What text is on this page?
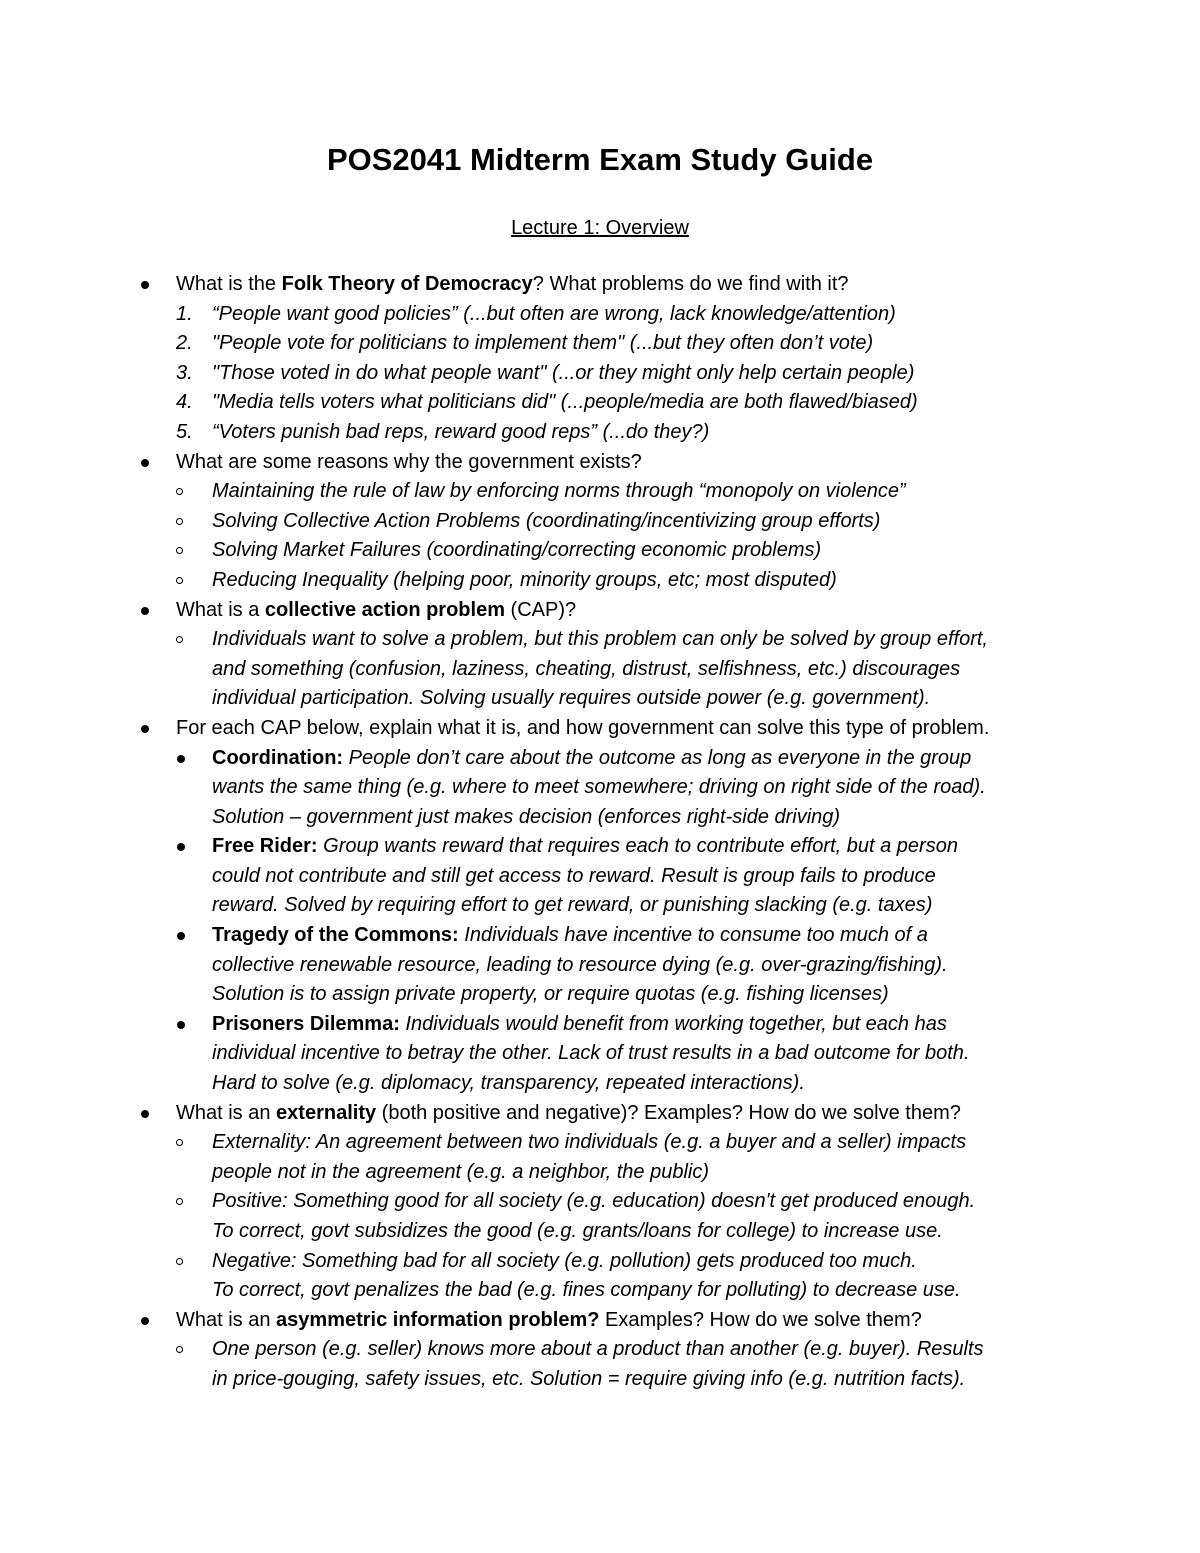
POS2041 Midterm Exam Study Guide
Lecture 1: Overview
What is the Folk Theory of Democracy? What problems do we find with it?
1. “People want good policies” (...but often are wrong, lack knowledge/attention)
2. "People vote for politicians to implement them" (...but they often don’t vote)
3. "Those voted in do what people want" (...or they might only help certain people)
4. "Media tells voters what politicians did" (...people/media are both flawed/biased)
5. “Voters punish bad reps, reward good reps” (...do they?)
What are some reasons why the government exists?
Maintaining the rule of law by enforcing norms through “monopoly on violence”
Solving Collective Action Problems (coordinating/incentivizing group efforts)
Solving Market Failures (coordinating/correcting economic problems)
Reducing Inequality (helping poor, minority groups, etc; most disputed)
What is a collective action problem (CAP)?
Individuals want to solve a problem, but this problem can only be solved by group effort,
and something (confusion, laziness, cheating, distrust, selfishness, etc.) discourages
individual participation. Solving usually requires outside power (e.g. government).
For each CAP below, explain what it is, and how government can solve this type of problem.
Coordination: People don’t care about the outcome as long as everyone in the group
wants the same thing (e.g. where to meet somewhere; driving on right side of the road).
Solution – government just makes decision (enforces right-side driving)
Free Rider: Group wants reward that requires each to contribute effort, but a person
could not contribute and still get access to reward. Result is group fails to produce
reward. Solved by requiring effort to get reward, or punishing slacking (e.g. taxes)
Tragedy of the Commons: Individuals have incentive to consume too much of a
collective renewable resource, leading to resource dying (e.g. over-grazing/fishing).
Solution is to assign private property, or require quotas (e.g. fishing licenses)
Prisoners Dilemma: Individuals would benefit from working together, but each has
individual incentive to betray the other. Lack of trust results in a bad outcome for both.
Hard to solve (e.g. diplomacy, transparency, repeated interactions).
What is an externality (both positive and negative)? Examples? How do we solve them?
Externality: An agreement between two individuals (e.g. a buyer and a seller) impacts
people not in the agreement (e.g. a neighbor, the public)
Positive: Something good for all society (e.g. education) doesn't get produced enough.
To correct, govt subsidizes the good (e.g. grants/loans for college) to increase use.
Negative: Something bad for all society (e.g. pollution) gets produced too much.
To correct, govt penalizes the bad (e.g. fines company for polluting) to decrease use.
What is an asymmetric information problem? Examples? How do we solve them?
One person (e.g. seller) knows more about a product than another (e.g. buyer). Results
in price-gouging, safety issues, etc. Solution = require giving info (e.g. nutrition facts).
